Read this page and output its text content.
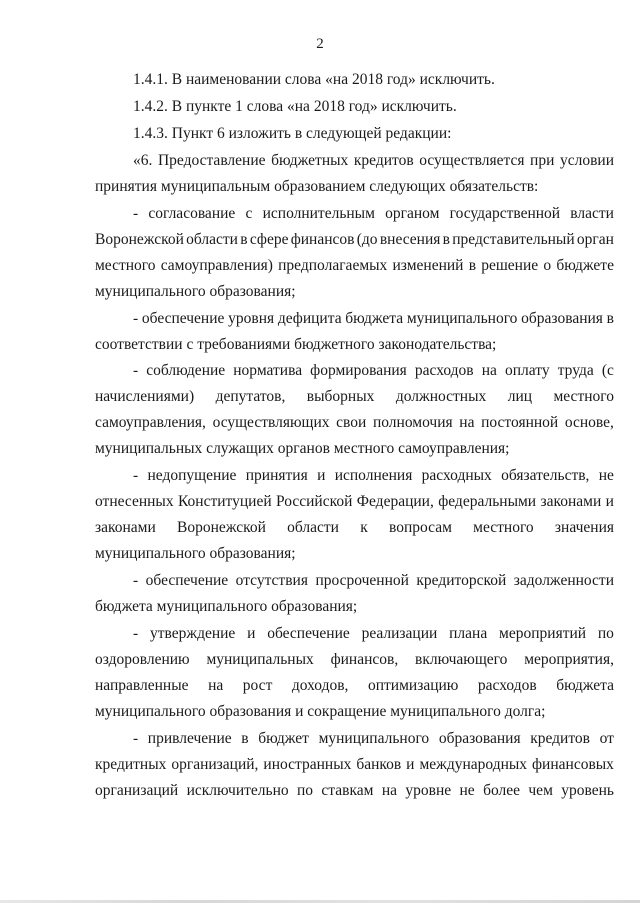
2
1.4.1. В наименовании слова «на 2018 год» исключить.
1.4.2. В пункте 1 слова «на 2018 год» исключить.
1.4.3. Пункт 6 изложить в следующей редакции:
«6. Предоставление бюджетных кредитов осуществляется при условии
принятия муниципальным образованием следующих обязательств:
- согласование с исполнительным органом государственной власти
Воронежской области в сфере финансов (до внесения в представительный орган
местного самоуправления) предполагаемых изменений в решение о бюджете
муниципального образования;
- обеспечение уровня дефицита бюджета муниципального образования в
соответствии с требованиями бюджетного законодательства;
- соблюдение норматива формирования расходов на оплату труда (с
начислениями) депутатов, выборных должностных лиц местного
самоуправления, осуществляющих свои полномочия на постоянной основе,
муниципальных служащих органов местного самоуправления;
- недопущение принятия и исполнения расходных обязательств, не
отнесенных Конституцией Российской Федерации, федеральными законами и
законами Воронежской области к вопросам местного значения
муниципального образования;
- обеспечение отсутствия просроченной кредиторской задолженности
бюджета муниципального образования;
- утверждение и обеспечение реализации плана мероприятий по
оздоровлению муниципальных финансов, включающего мероприятия,
направленные на рост доходов, оптимизацию расходов бюджета
муниципального образования и сокращение муниципального долга;
- привлечение в бюджет муниципального образования кредитов от
кредитных организаций, иностранных банков и международных финансовых
организаций исключительно по ставкам на уровне не более чем уровень
